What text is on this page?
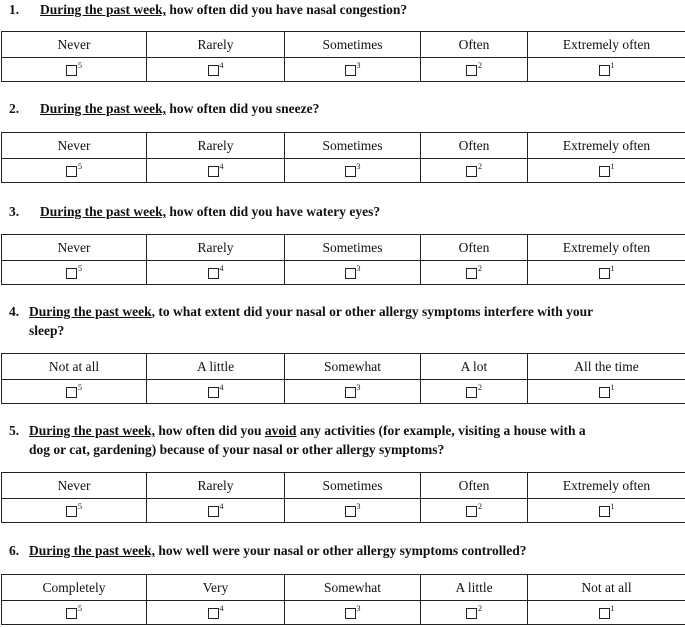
1. During the past week, how often did you have nasal congestion?
Never	Rarely	Sometimes	Often	Extremely often
$^5$	$^4$	$^3$	$^2$	$^1$
2. During the past week, how often did you sneeze?
Never	Rarely	Sometimes	Often	Extremely often
$^5$	$^4$	$^3$	$^2$	$^1$
3. During the past week, how often did you have watery eyes?
Never	Rarely	Sometimes	Often	Extremely often
$^5$	$^4$	$^3$	$^2$	$^1$
4. During the past week, to what extent did your nasal or other allergy symptoms interfere with your
sleep?
Not at all	A little	Somewhat	A lot	All the time
$^5$	$^4$	$^3$	$^2$	$^1$
5. During the past week, how often did you avoid any activities (for example, visiting a house with a
dog or cat, gardening) because of your nasal or other allergy symptoms?
Never	Rarely	Sometimes	Often	Extremely often
$^5$	$^4$	$^3$	$^2$	$^1$
6. During the past week, how well were your nasal or other allergy symptoms controlled?
Completely	Very	Somewhat	A little	Not at all
$^5$	$^4$	$^3$	$^2$	$^1$
